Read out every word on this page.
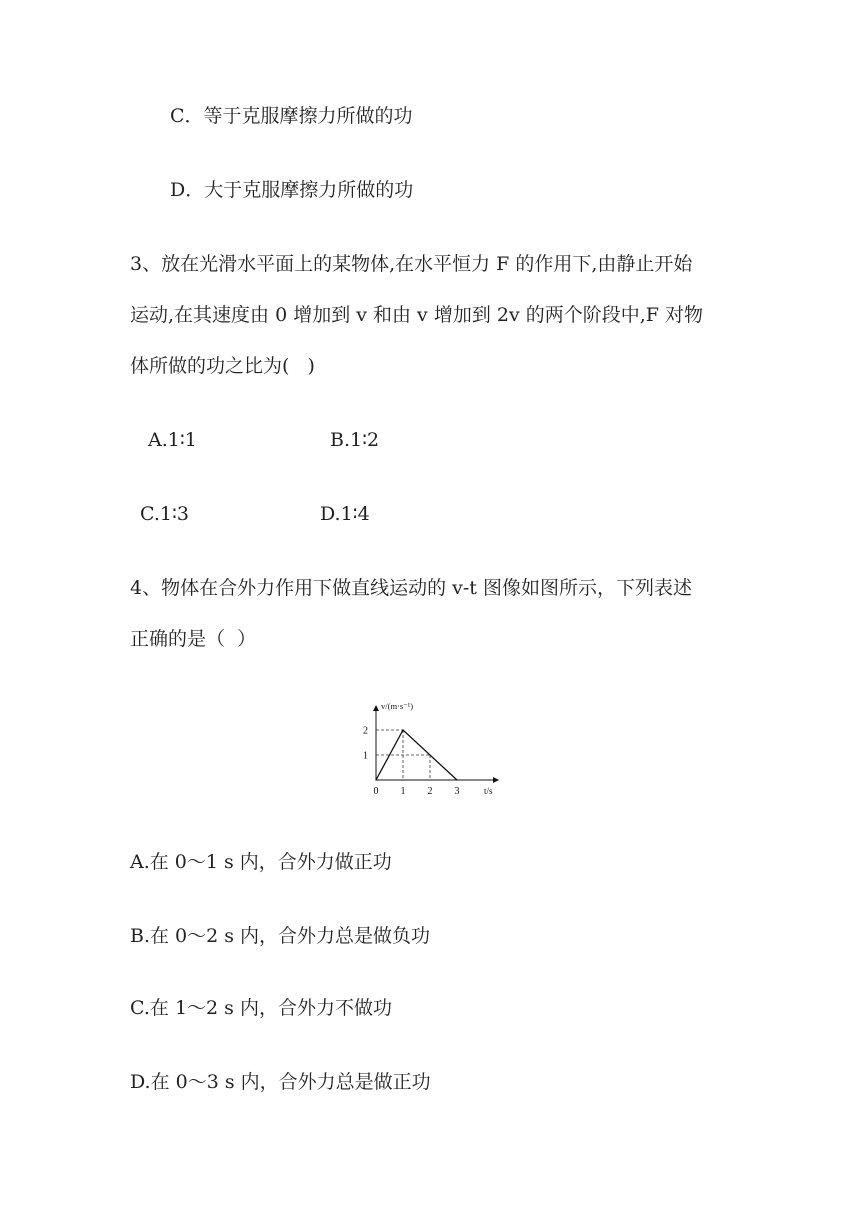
C．等于克服摩擦力所做的功
D．大于克服摩擦力所做的功
3、放在光滑水平面上的某物体,在水平恒力 F 的作用下,由静止开始
运动,在其速度由 0 增加到 v 和由 v 增加到 2v 的两个阶段中,F 对物
体所做的功之比为(   )
A.1∶1	B.1∶2
C.1∶3	D.1∶4
4、物体在合外力作用下做直线运动的 v-t 图像如图所示，下列表述
正确的是（  ）
0 1 2 3
1
2
v/(m·s⁻¹)
t/s
A.在 0～1 s 内，合外力做正功
B.在 0～2 s 内，合外力总是做负功
C.在 1～2 s 内，合外力不做功
D.在 0～3 s 内，合外力总是做正功
